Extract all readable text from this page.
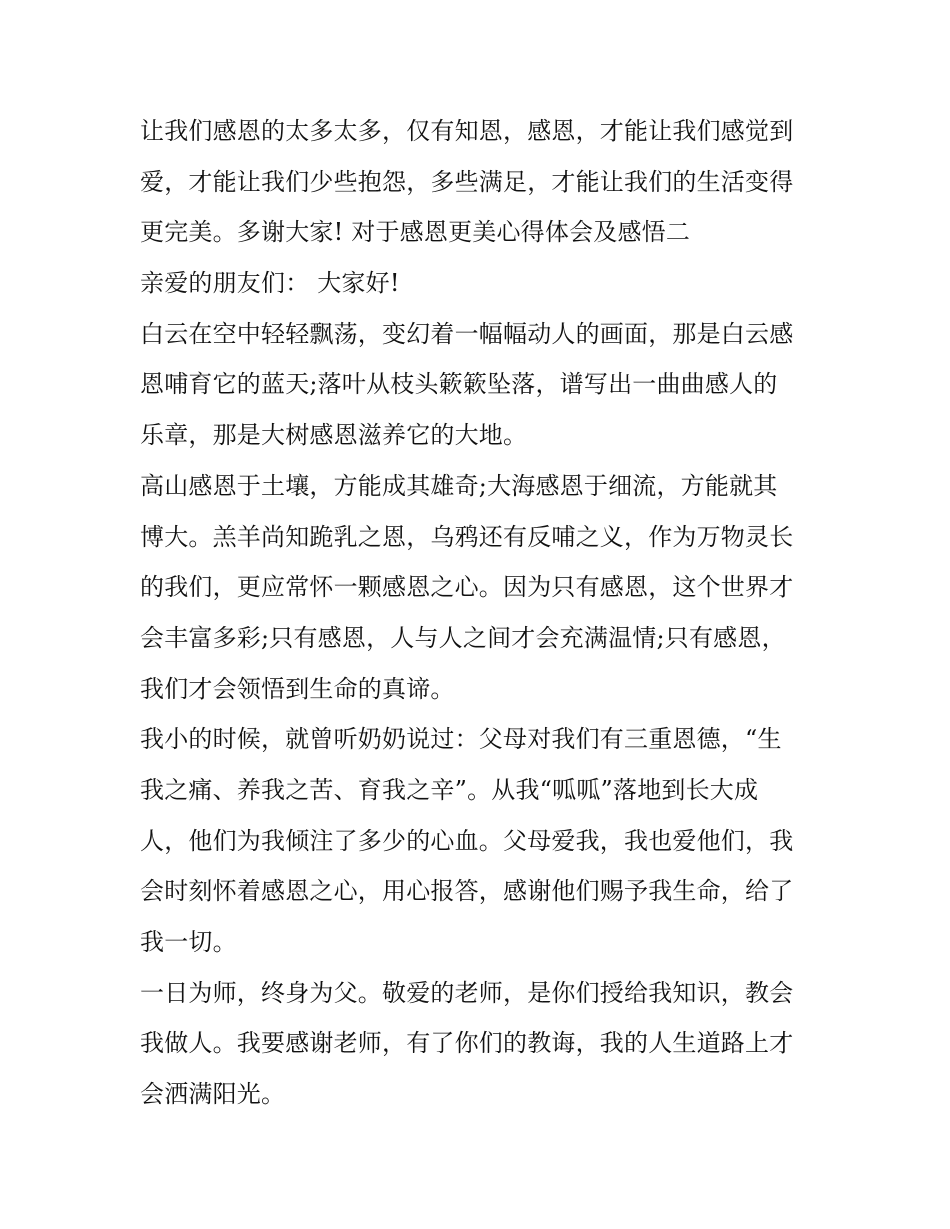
让我们感恩的太多太多，仅有知恩，感恩，才能让我们感觉到
爱，才能让我们少些抱怨，多些满足，才能让我们的生活变得
更完美。多谢大家! 对于感恩更美心得体会及感悟二
亲爱的朋友们： 大家好!
白云在空中轻轻飘荡，变幻着一幅幅动人的画面，那是白云感
恩哺育它的蓝天;落叶从枝头簌簌坠落，谱写出一曲曲感人的
乐章，那是大树感恩滋养它的大地。
高山感恩于土壤，方能成其雄奇;大海感恩于细流，方能就其
博大。羔羊尚知跪乳之恩，乌鸦还有反哺之义，作为万物灵长
的我们，更应常怀一颗感恩之心。因为只有感恩，这个世界才
会丰富多彩;只有感恩，人与人之间才会充满温情;只有感恩，
我们才会领悟到生命的真谛。
我小的时候，就曾听奶奶说过：父母对我们有三重恩德，“生
我之痛、养我之苦、育我之辛”。从我“呱呱”落地到长大成
人，他们为我倾注了多少的心血。父母爱我，我也爱他们，我
会时刻怀着感恩之心，用心报答，感谢他们赐予我生命，给了
我一切。
一日为师，终身为父。敬爱的老师，是你们授给我知识，教会
我做人。我要感谢老师，有了你们的教诲，我的人生道路上才
会洒满阳光。
